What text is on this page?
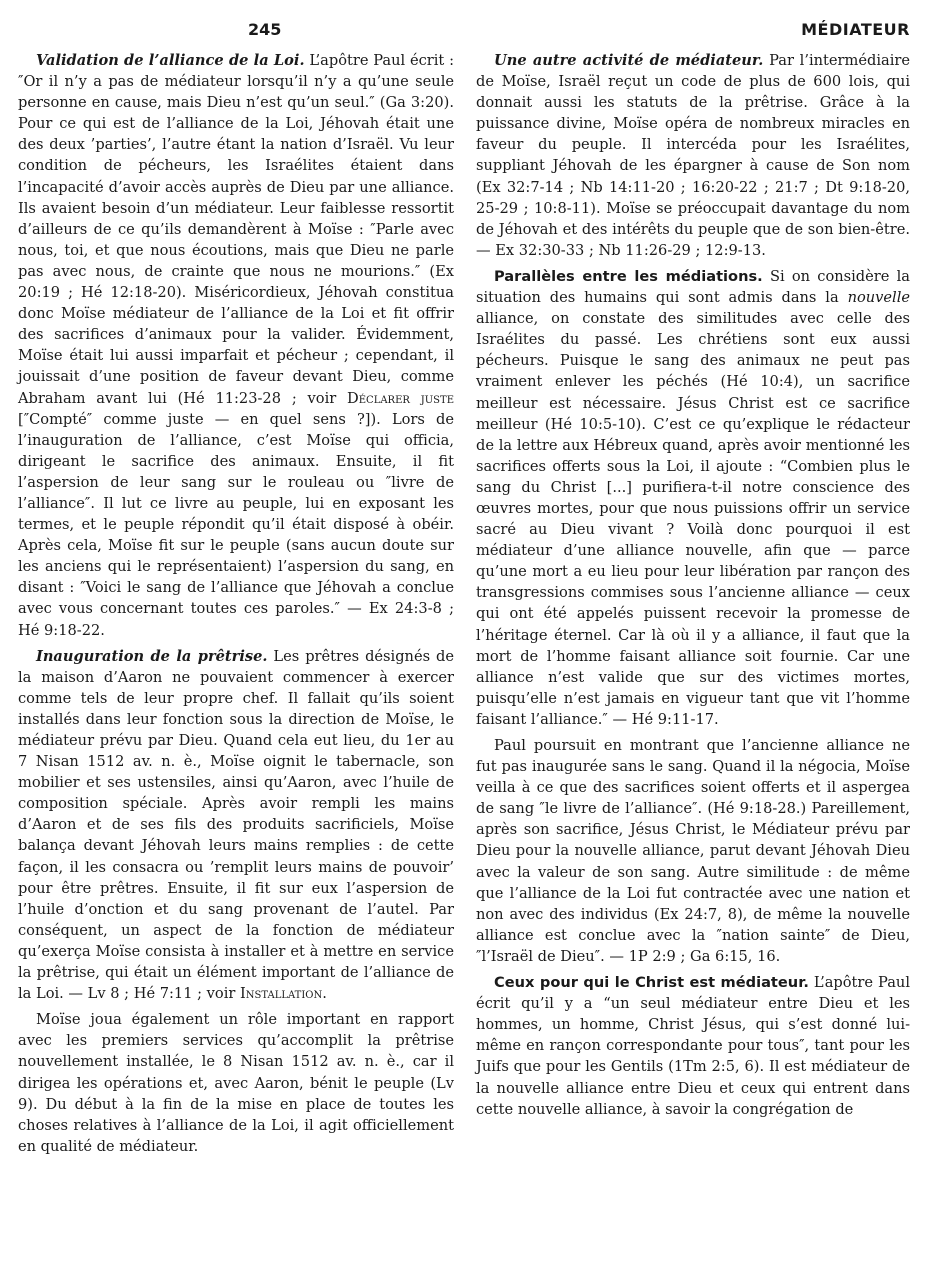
245	MÉDIATEUR

Validation de l’alliance de la Loi. L’apôtre Paul écrit : ″Or il n’y a pas de médiateur lorsqu’il n’y a qu’une seule personne en cause, mais Dieu n’est qu’un seul.″ (Ga 3:20). Pour ce qui est de l’alliance de la Loi, Jéhovah était une des deux ’parties’, l’autre étant la nation d’Israël. Vu leur condition de pécheurs, les Israélites étaient dans l’incapacité d’avoir accès auprès de Dieu par une alliance. Ils avaient besoin d’un médiateur. Leur faiblesse ressortit d’ailleurs de ce qu’ils demandèrent à Moïse : ″Parle avec nous, toi, et que nous écoutions, mais que Dieu ne parle pas avec nous, de crainte que nous ne mourions.″ (Ex 20:19 ; Hé 12:18-20). Miséricordieux, Jéhovah constitua donc Moïse médiateur de l’alliance de la Loi et fit offrir des sacrifices d’animaux pour la valider. Évidemment, Moïse était lui aussi imparfait et pécheur ; cependant, il jouissait d’une position de faveur devant Dieu, comme Abraham avant lui (Hé 11:23-28 ; voir Déclarer juste [″Compté″ comme juste — en quel sens ?]). Lors de l’inauguration de l’alliance, c’est Moïse qui officia, dirigeant le sacrifice des animaux. Ensuite, il fit l’aspersion de leur sang sur le rouleau ou ″livre de l’alliance″. Il lut ce livre au peuple, lui en exposant les termes, et le peuple répondit qu’il était disposé à obéir. Après cela, Moïse fit sur le peuple (sans aucun doute sur les anciens qui le représentaient) l’aspersion du sang, en disant : ″Voici le sang de l’alliance que Jéhovah a conclue avec vous concernant toutes ces paroles.″ — Ex 24:3-8 ; Hé 9:18-22.

Inauguration de la prêtrise. Les prêtres désignés de la maison d’Aaron ne pouvaient commencer à exercer comme tels de leur propre chef. Il fallait qu’ils soient installés dans leur fonction sous la direction de Moïse, le médiateur prévu par Dieu. Quand cela eut lieu, du 1er au 7 Nisan 1512 av. n. è., Moïse oignit le tabernacle, son mobilier et ses ustensiles, ainsi qu’Aaron, avec l’huile de composition spéciale. Après avoir rempli les mains d’Aaron et de ses fils des produits sacrificiels, Moïse balança devant Jéhovah leurs mains remplies : de cette façon, il les consacra ou ’remplit leurs mains de pouvoir’ pour être prêtres. Ensuite, il fit sur eux l’aspersion de l’huile d’onction et du sang provenant de l’autel. Par conséquent, un aspect de la fonction de médiateur qu’exerça Moïse consista à installer et à mettre en service la prêtrise, qui était un élément important de l’alliance de la Loi. — Lv 8 ; Hé 7:11 ; voir Installation.

Moïse joua également un rôle important en rapport avec les premiers services qu’accomplit la prêtrise nouvellement installée, le 8 Nisan 1512 av. n. è., car il dirigea les opérations et, avec Aaron, bénit le peuple (Lv 9). Du début à la fin de la mise en place de toutes les choses relatives à l’alliance de la Loi, il agit officiellement en qualité de médiateur.

Une autre activité de médiateur. Par l’intermédiaire de Moïse, Israël reçut un code de plus de 600 lois, qui donnait aussi les statuts de la prêtrise. Grâce à la puissance divine, Moïse opéra de nombreux miracles en faveur du peuple. Il intercéda pour les Israélites, suppliant Jéhovah de les épargner à cause de Son nom (Ex 32:7-14 ; Nb 14:11-20 ; 16:20-22 ; 21:7 ; Dt 9:18-20, 25-29 ; 10:8-11). Moïse se préoccupait davantage du nom de Jéhovah et des intérêts du peuple que de son bien-être. — Ex 32:30-33 ; Nb 11:26-29 ; 12:9-13.

Parallèles entre les médiations. Si on considère la situation des humains qui sont admis dans la nouvelle alliance, on constate des similitudes avec celle des Israélites du passé. Les chrétiens sont eux aussi pécheurs. Puisque le sang des animaux ne peut pas vraiment enlever les péchés (Hé 10:4), un sacrifice meilleur est nécessaire. Jésus Christ est ce sacrifice meilleur (Hé 10:5-10). C’est ce qu’explique le rédacteur de la lettre aux Hébreux quand, après avoir mentionné les sacrifices offerts sous la Loi, il ajoute : “Combien plus le sang du Christ [...] purifiera-t-il notre conscience des œuvres mortes, pour que nous puissions offrir un service sacré au Dieu vivant ? Voilà donc pourquoi il est médiateur d’une alliance nouvelle, afin que — parce qu’une mort a eu lieu pour leur libération par rançon des transgressions commises sous l’ancienne alliance — ceux qui ont été appelés puissent recevoir la promesse de l’héritage éternel. Car là où il y a alliance, il faut que la mort de l’homme faisant alliance soit fournie. Car une alliance n’est valide que sur des victimes mortes, puisqu’elle n’est jamais en vigueur tant que vit l’homme faisant l’alliance.″ — Hé 9:11-17.

Paul poursuit en montrant que l’ancienne alliance ne fut pas inaugurée sans le sang. Quand il la négocia, Moïse veilla à ce que des sacrifices soient offerts et il aspergea de sang ″le livre de l’alliance″. (Hé 9:18-28.) Pareillement, après son sacrifice, Jésus Christ, le Médiateur prévu par Dieu pour la nouvelle alliance, parut devant Jéhovah Dieu avec la valeur de son sang. Autre similitude : de même que l’alliance de la Loi fut contractée avec une nation et non avec des individus (Ex 24:7, 8), de même la nouvelle alliance est conclue avec la ″nation sainte″ de Dieu, ″l’Israël de Dieu″. — 1P 2:9 ; Ga 6:15, 16.

Ceux pour qui le Christ est médiateur. L’apôtre Paul écrit qu’il y a “un seul médiateur entre Dieu et les hommes, un homme, Christ Jésus, qui s’est donné lui-même en rançon correspondante pour tous″, tant pour les Juifs que pour les Gentils (1Tm 2:5, 6). Il est médiateur de la nouvelle alliance entre Dieu et ceux qui entrent dans cette nouvelle alliance, à savoir la congrégation de
